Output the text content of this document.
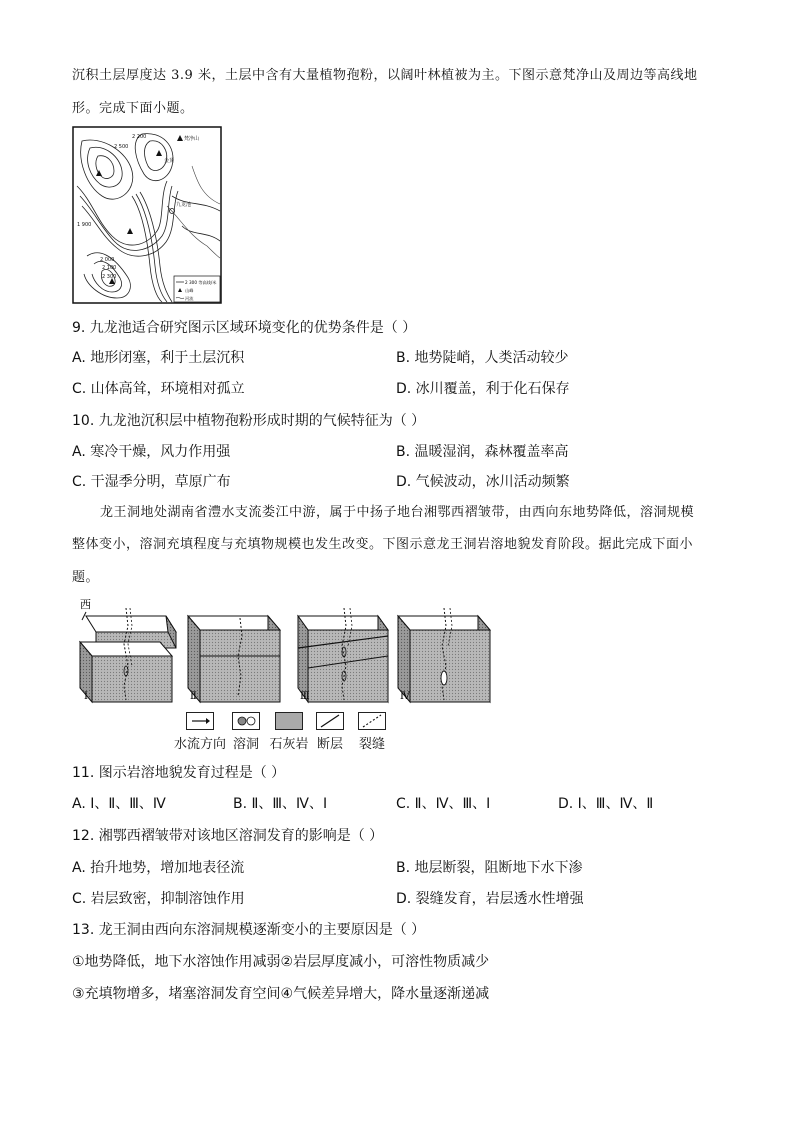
沉积土层厚度达 3.9 米，土层中含有大量植物孢粉，以阔叶林植被为主。下图示意梵净山及周边等高线地
形。完成下面小题。
2 200
2 500
2 000
2 100
2 300
1 900
梵净山
金顶
九龙池
2 300 等高线/米
山峰
河流
9. 九龙池适合研究图示区域环境变化的优势条件是（ ）
A. 地形闭塞，利于土层沉积	B. 地势陡峭，人类活动较少
C. 山体高耸，环境相对孤立	D. 冰川覆盖，利于化石保存
10. 九龙池沉积层中植物孢粉形成时期的气候特征为（ ）
A. 寒冷干燥，风力作用强	B. 温暖湿润，森林覆盖率高
C. 干湿季分明，草原广布	D. 气候波动，冰川活动频繁
龙王洞地处湖南省澧水支流娄江中游，属于中扬子地台湘鄂西褶皱带，由西向东地势降低，溶洞规模
整体变小，溶洞充填程度与充填物规模也发生改变。下图示意龙王洞岩溶地貌发育阶段。据此完成下面小
题。
西
Ⅰ	Ⅱ	Ⅲ	Ⅳ
水流方向 溶洞 石灰岩 断层	裂缝
11. 图示岩溶地貌发育过程是（ ）
A. Ⅰ、Ⅱ、Ⅲ、Ⅳ	B. Ⅱ、Ⅲ、Ⅳ、Ⅰ	C. Ⅱ、Ⅳ、Ⅲ、Ⅰ	D. Ⅰ、Ⅲ、Ⅳ、Ⅱ
12. 湘鄂西褶皱带对该地区溶洞发育的影响是（ ）
A. 抬升地势，增加地表径流	B. 地层断裂，阻断地下水下渗
C. 岩层致密，抑制溶蚀作用	D. 裂缝发育，岩层透水性增强
13. 龙王洞由西向东溶洞规模逐渐变小的主要原因是（ ）
①地势降低，地下水溶蚀作用减弱②岩层厚度减小，可溶性物质减少
③充填物增多，堵塞溶洞发育空间④气候差异增大，降水量逐渐递减
